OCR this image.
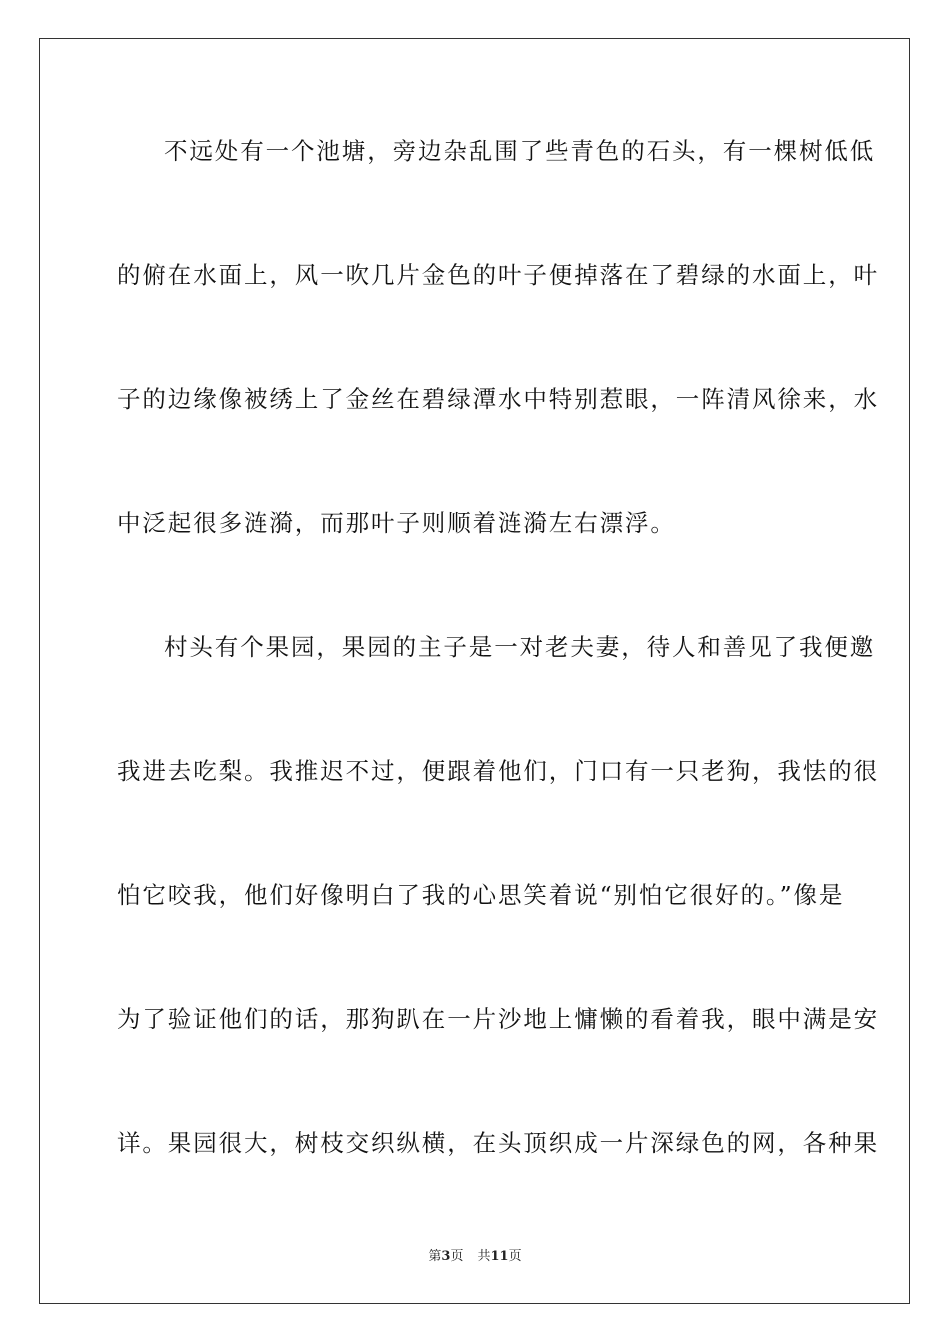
不远处有一个池塘，旁边杂乱围了些青色的石头，有一棵树低低
的俯在水面上，风一吹几片金色的叶子便掉落在了碧绿的水面上，叶
子的边缘像被绣上了金丝在碧绿潭水中特别惹眼，一阵清风徐来，水
中泛起很多涟漪，而那叶子则顺着涟漪左右漂浮。
村头有个果园，果园的主子是一对老夫妻，待人和善见了我便邀
我进去吃梨。我推迟不过，便跟着他们，门口有一只老狗，我怯的很
怕它咬我，他们好像明白了我的心思笑着说“别怕它很好的。”像是
为了验证他们的话，那狗趴在一片沙地上慵懒的看着我，眼中满是安
详。果园很大，树枝交织纵横，在头顶织成一片深绿色的网，各种果
第3页 共11页
